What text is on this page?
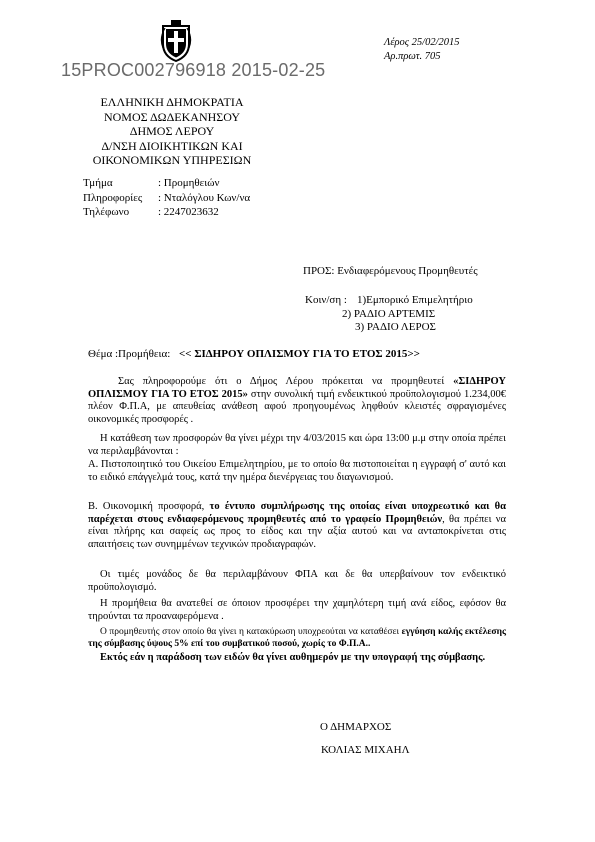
Λέρος 25/02/2015
Αρ.πρωτ. 705
15PROC002796918 2015-02-25
ΕΛΛΗΝΙΚΗ ΔΗΜΟΚΡΑΤΙΑ
ΝΟΜΟΣ ΔΩΔΕΚΑΝΗΣΟΥ
ΔΗΜΟΣ ΛΕΡΟΥ
Δ/ΝΣΗ ΔΙΟΙΚΗΤΙΚΩΝ ΚΑΙ
ΟΙΚΟΝΟΜΙΚΩΝ ΥΠΗΡΕΣΙΩΝ
Τμήμα	: Προμηθειών
Πληροφορίες	: Νταλόγλου Κων/να
Τηλέφωνο	: 2247023632
ΠΡΟΣ: Ενδιαφερόμενους Προμηθευτές
Κοιν/ση : 1)Εμπορικό Επιμελητήριο
2) ΡΑΔΙΟ ΑΡΤΕΜΙΣ
3) ΡΑΔΙΟ ΛΕΡΟΣ
Θέμα :Προμήθεια: << ΣΙΔΗΡΟΥ ΟΠΛΙΣΜΟΥ ΓΙΑ ΤΟ ΕΤΟΣ 2015>>
Σας πληροφορούμε ότι ο Δήμος Λέρου πρόκειται να προμηθευτεί «ΣΙΔΗΡΟΥ ΟΠΛΙΣΜΟΥ ΓΙΑ ΤΟ ΕΤΟΣ 2015» στην συνολική τιμή ενδεικτικού προϋπολογισμού 1.234,00€ πλέον Φ.Π.Α, με απευθείας ανάθεση αφού προηγουμένως ληφθούν κλειστές σφραγισμένες οικονομικές προσφορές .
Η κατάθεση των προσφορών θα γίνει μέχρι την 4/03/2015 και ώρα 13:00 μ.μ στην οποία πρέπει να περιλαμβάνονται :
Α. Πιστοποιητικό του Οικείου Επιμελητηρίου, με το οποίο θα πιστοποιείται η εγγραφή σ' αυτό και το ειδικό επάγγελμά τους, κατά την ημέρα διενέργειας του διαγωνισμού.
Β. Οικονομική προσφορά, το έντυπο συμπλήρωσης της οποίας είναι υποχρεωτικό και θα παρέχεται στους ενδιαφερόμενους προμηθευτές από το γραφείο Προμηθειών, θα πρέπει να είναι πλήρης και σαφείς ως προς το είδος και την αξία αυτού και να ανταποκρίνεται στις απαιτήσεις των συνημμένων τεχνικών προδιαγραφών.
Οι τιμές μονάδος δε θα περιλαμβάνουν ΦΠΑ και δε θα υπερβαίνουν τον ενδεικτικό προϋπολογισμό.
Η προμήθεια θα ανατεθεί σε όποιον προσφέρει την χαμηλότερη τιμή ανά είδος, εφόσον θα τηρούνται τα προαναφερόμενα .
Ο προμηθευτής στον οποίο θα γίνει η κατακύρωση υποχρεούται να καταθέσει εγγύηση καλής εκτέλεσης της σύμβασης ύψους 5% επί του συμβατικού ποσού, χωρίς το Φ.Π.Α..
Εκτός εάν η παράδοση των ειδών θα γίνει αυθημερόν με την υπογραφή της σύμβασης.
Ο ΔΗΜΑΡΧΟΣ
ΚΟΛΙΑΣ ΜΙΧΑΗΛ
